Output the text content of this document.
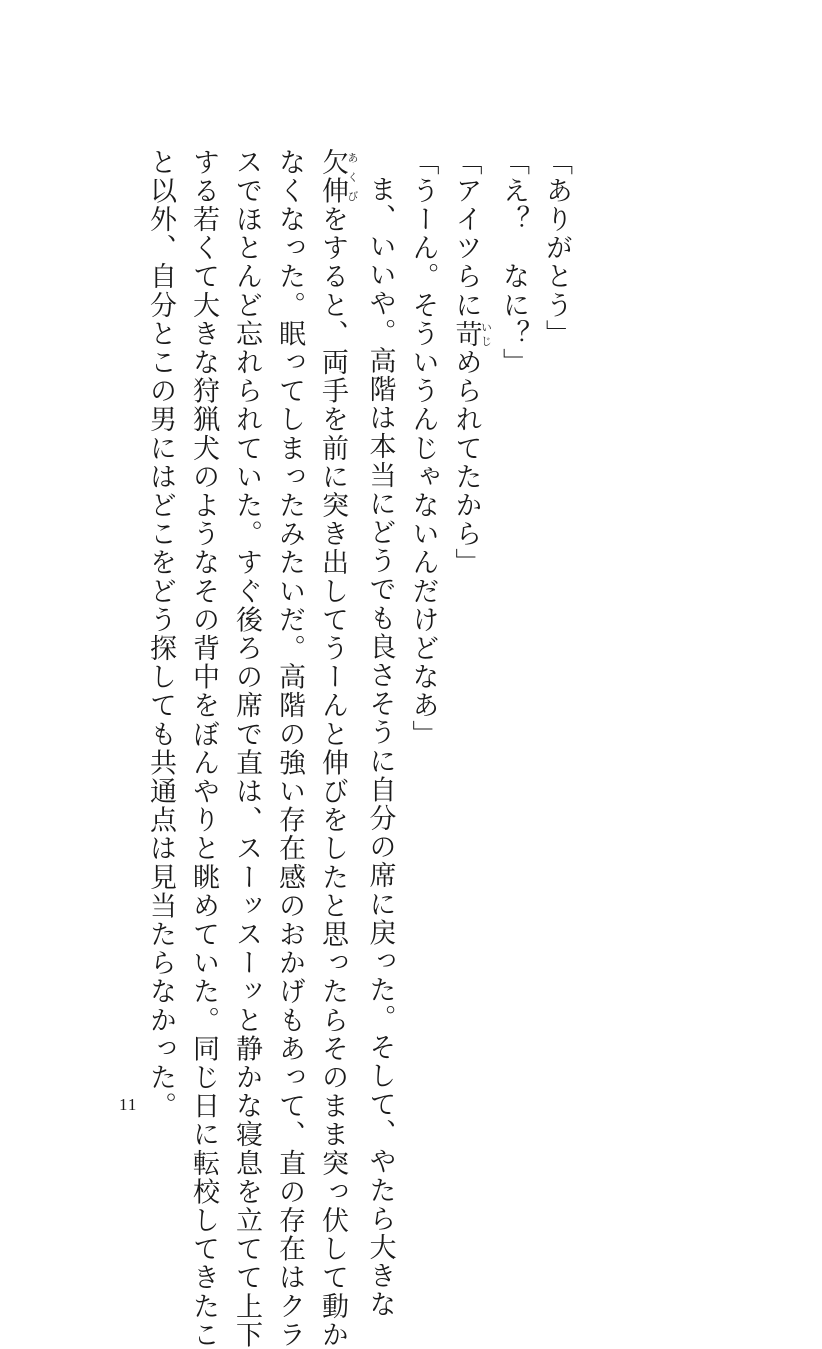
「ありがとう」
「え？　なに？」
「アイツらに苛いじめられてたから」
「うーん。そういうんじゃないんだけどなあ」
ま、いいや。高階は本当にどうでも良さそうに自分の席に戻った。そして、やたら大きな
欠伸あくびをすると、両手を前に突き出してうーんと伸びをしたと思ったらそのまま突っ伏して動か
なくなった。眠ってしまったみたいだ。高階の強い存在感のおかげもあって、直の存在はクラ
スでほとんど忘れられていた。すぐ後ろの席で直は、スーッスーッと静かな寝息を立てて上下
する若くて大きな狩猟犬のようなその背中をぼんやりと眺めていた。同じ日に転校してきたこ
と以外、自分とこの男にはどこをどう探しても共通点は見当たらなかった。
11
